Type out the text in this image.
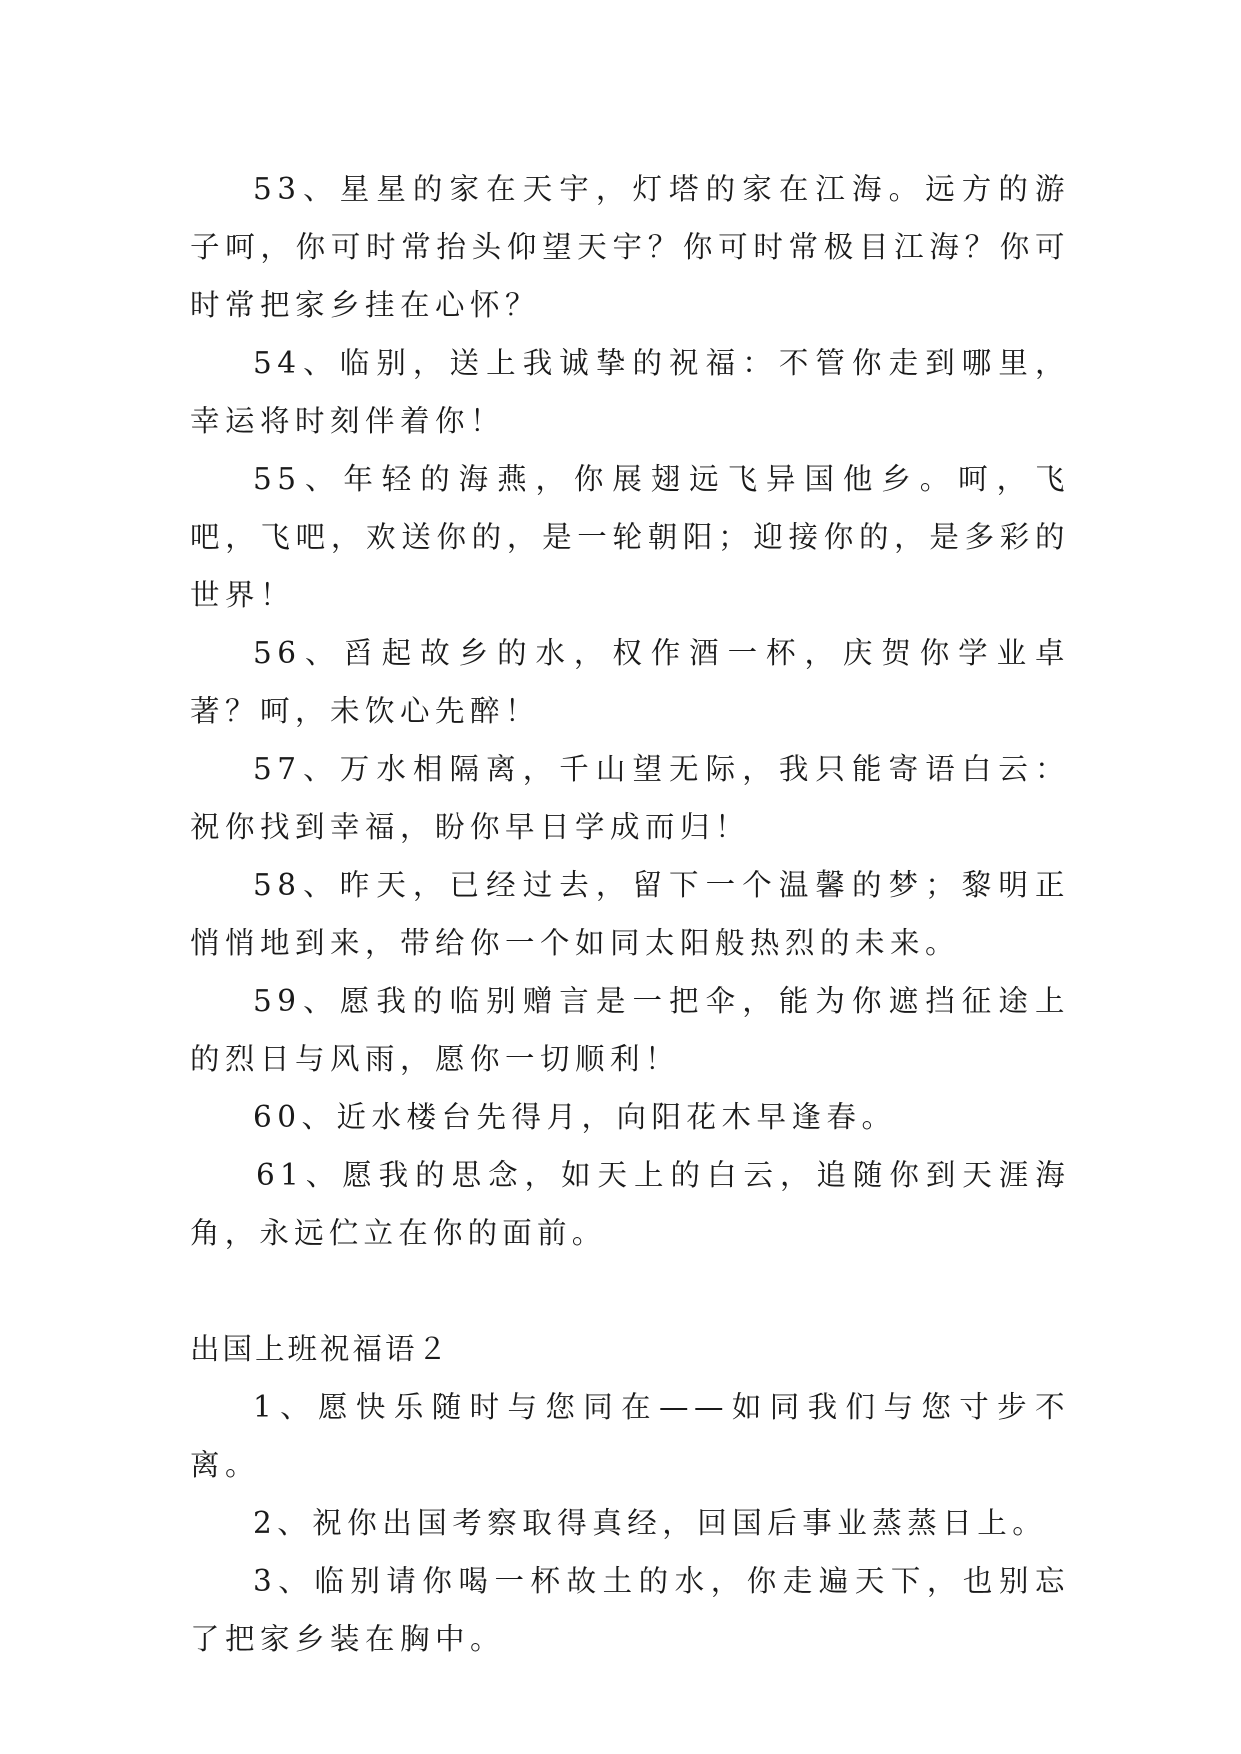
53、星星的家在天宇，灯塔的家在江海。远方的游子呵，你可时常抬头仰望天宇？你可时常极目江海？你可时常把家乡挂在心怀？

54、临别，送上我诚挚的祝福：不管你走到哪里，幸运将时刻伴着你！

55、年轻的海燕，你展翅远飞异国他乡。呵，飞吧，飞吧，欢送你的，是一轮朝阳；迎接你的，是多彩的世界！

56、舀起故乡的水，权作酒一杯，庆贺你学业卓著？呵，未饮心先醉！

57、万水相隔离，千山望无际，我只能寄语白云：祝你找到幸福，盼你早日学成而归！

58、昨天，已经过去，留下一个温馨的梦；黎明正悄悄地到来，带给你一个如同太阳般热烈的未来。

59、愿我的临别赠言是一把伞，能为你遮挡征途上的烈日与风雨，愿你一切顺利！

60、近水楼台先得月，向阳花木早逢春。

61、愿我的思念，如天上的白云，追随你到天涯海角，永远伫立在你的面前。

出国上班祝福语２

1、愿快乐随时与您同在——如同我们与您寸步不离。

2、祝你出国考察取得真经，回国后事业蒸蒸日上。

3、临别请你喝一杯故土的水，你走遍天下，也别忘了把家乡装在胸中。
